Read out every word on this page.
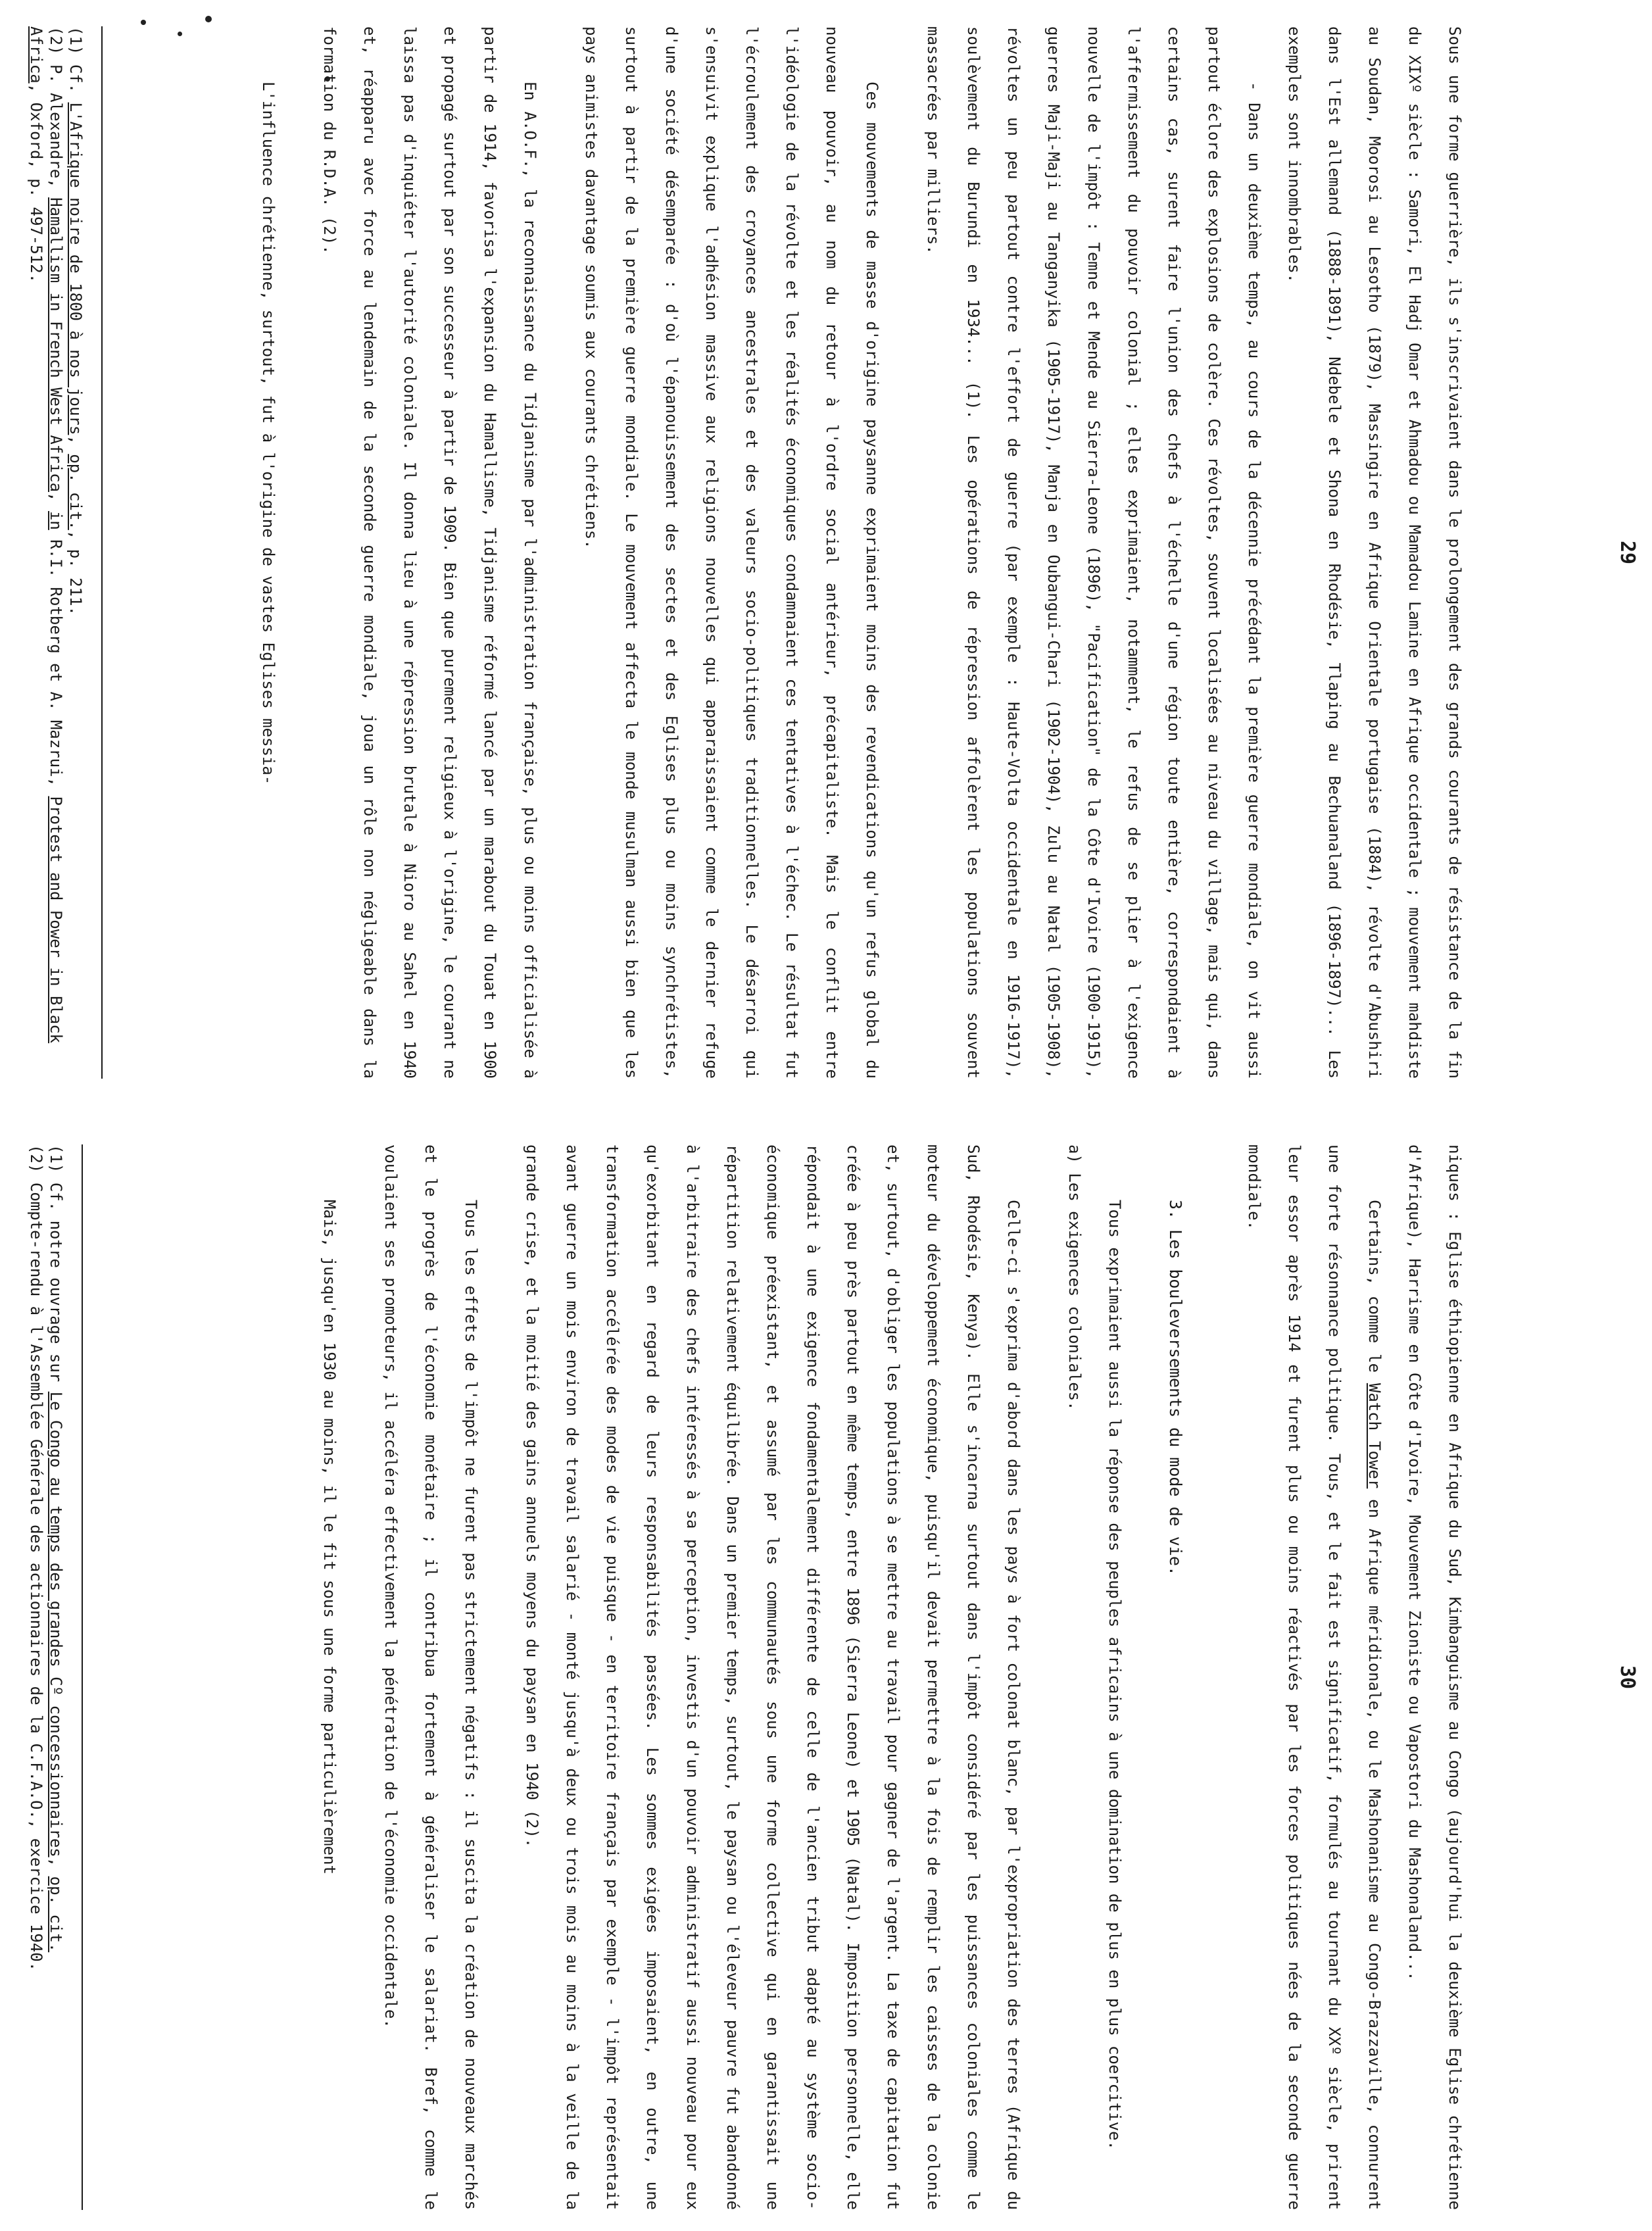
29

Sous une forme guerrière, ils s'inscrivaient dans le prolongement des grands courants de résistance de la fin du XIXº siècle : Samori, El Hadj Omar et Ahmadou ou Mamadou Lamine en Afrique occidentale ; mouvement mahdiste au Soudan, Moorosi au Lesotho (1879), Massingire en Afrique Orientale portugaise (1884), révolte d'Abushiri dans l'Est allemand (1888-1891), Ndebele et Shona en Rhodésie, Tlaping au Bechuanaland (1896-1897)... Les exemples sont innombrables.

- Dans un deuxième temps, au cours de la décennie précédant la première guerre mondiale, on vit aussi partout éclore des explosions de colère. Ces révoltes, souvent localisées au niveau du village, mais qui, dans certains cas, surent faire l'union des chefs à l'échelle d'une région toute entière, correspondaient à l'affermissement du pouvoir colonial ; elles exprimaient, notamment, le refus de se plier à l'exigence nouvelle de l'impôt : Temne et Mende au Sierra-Leone (1896), "Pacification" de la Côte d'Ivoire (1900-1915), guerres Maji-Maji au Tanganyika (1905-1917), Manja en Oubangui-Chari (1902-1904), Zulu au Natal (1905-1908), révoltes un peu partout contre l'effort de guerre (par exemple : Haute-Volta occidentale en 1916-1917), soulèvement du Burundi en 1934... (1). Les opérations de répression affolèrent les populations souvent massacrées par milliers.

Ces mouvements de masse d'origine paysanne exprimaient moins des revendications qu'un refus global du nouveau pouvoir, au nom du retour à l'ordre social antérieur, précapitaliste. Mais le conflit entre l'idéologie de la révolte et les réalités économiques condamnaient ces tentatives à l'échec. Le résultat fut l'écroulement des croyances ancestrales et des valeurs socio-politiques traditionnelles. Le désarroi qui s'ensuivit explique l'adhésion massive aux religions nouvelles qui apparaissaient comme le dernier refuge d'une société désemparée : d'où l'épanouissement des sectes et des Eglises plus ou moins synchrétistes, surtout à partir de la première guerre mondiale. Le mouvement affecta le monde musulman aussi bien que les pays animistes davantage soumis aux courants chrétiens.

En A.O.F., la reconnaissance du Tidjanisme par l'administration française, plus ou moins officialisée à partir de 1914, favorisa l'expansion du Hamallisme, Tidjanisme réformé lancé par un marabout du Touat en 1900 et propagé surtout par son successeur à partir de 1909. Bien que purement religieux à l'origine, le courant ne laissa pas d'inquiéter l'autorité coloniale. Il donna lieu à une répression brutale à Nioro au Sahel en 1940 et, réapparu avec force au lendemain de la seconde guerre mondiale, joua un rôle non négligeable dans la formation du R.D.A. (2).

L'influence chrétienne, surtout, fut à l'origine de vastes Eglises messia-

(1) Cf. L'Afrique noire de 1800 à nos jours, op. cit., p. 211.

(2) P. Alexandre, Hamallism in French West Africa, in R.I. Rotberg et A. Mazrui, Protest and Power in Black Africa, Oxford, p. 497-512.

30

niques : Eglise éthiopienne en Afrique du Sud, Kimbanguisme au Congo (aujourd'hui la deuxième Eglise chrétienne d'Afrique), Harrisme en Côte d'Ivoire, Mouvement Zioniste ou Vapostori du Mashonaland...

Certains, comme le Watch Tower en Afrique méridionale, ou le Mashonanisme au Congo-Brazzaville, connurent une forte résonnance politique. Tous, et le fait est significatif, formulés au tournant du XXº siècle, prirent leur essor après 1914 et furent plus ou moins réactivés par les forces politiques nées de la seconde guerre mondiale.

3. Les bouleversements du mode de vie.

Tous exprimaient aussi la réponse des peuples africains à une domination de plus en plus coercitive.

a) Les exigences coloniales.

Celle-ci s'exprima d'abord dans les pays à fort colonat blanc, par l'expropriation des terres (Afrique du Sud, Rhodésie, Kenya). Elle s'incarna surtout dans l'impôt considéré par les puissances coloniales comme le moteur du développement économique, puisqu'il devait permettre à la fois de remplir les caisses de la colonie et, surtout, d'obliger les populations à se mettre au travail pour gagner de l'argent. La taxe de capitation fut créée à peu près partout en même temps, entre 1896 (Sierra Leone) et 1905 (Natal). Imposition personnelle, elle répondait à une exigence fondamentalement différente de celle de l'ancien tribut adapté au système socio-économique préexistant, et assumé par les communautés sous une forme collective qui en garantissait une répartition relativement équilibrée. Dans un premier temps, surtout, le paysan ou l'éleveur pauvre fut abandonné à l'arbitraire des chefs intéressés à sa perception, investis d'un pouvoir administratif aussi nouveau pour eux qu'exorbitant en regard de leurs responsabilités passées. Les sommes exigées imposaient, en outre, une transformation accélérée des modes de vie puisque - en territoire français par exemple - l'impôt représentait avant guerre un mois environ de travail salarié - monté jusqu'à deux ou trois mois au moins à la veille de la grande crise, et la moitié des gains annuels moyens du paysan en 1940 (2).

Tous les effets de l'impôt ne furent pas strictement négatifs : il suscita la création de nouveaux marchés et le progrès de l'économie monétaire ; il contribua fortement à généraliser le salariat. Bref, comme le voulaient ses promoteurs, il accéléra effectivement la pénétration de l'économie occidentale.

Mais, jusqu'en 1930 au moins, il le fit sous une forme particulièrement

(1) Cf. notre ouvrage sur Le Congo au temps des grandes Cº concessionnaires, op. cit.

(2) Compte-rendu à l'Assemblée Générale des actionnaires de la C.F.A.O., exercice 1940.
